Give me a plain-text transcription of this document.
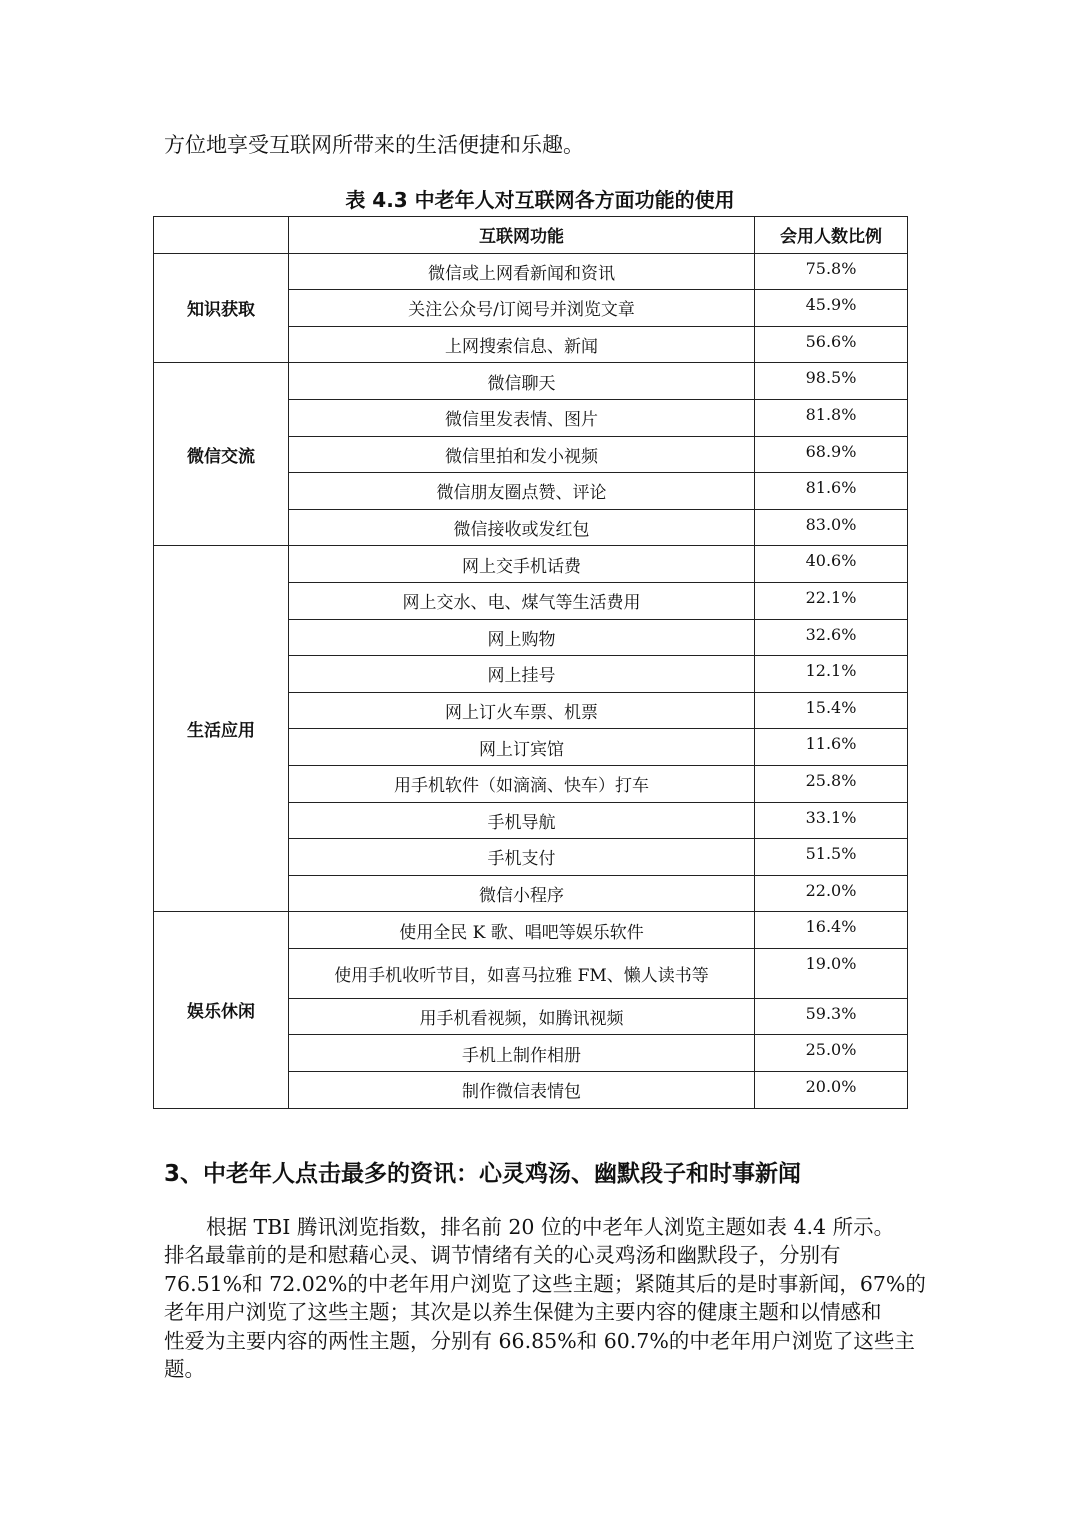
方位地享受互联网所带来的生活便捷和乐趣。
表 4.3 中老年人对互联网各方面功能的使用
	互联网功能	会用人数比例
知识获取	微信或上网看新闻和资讯	75.8%
	关注公众号/订阅号并浏览文章	45.9%
	上网搜索信息、新闻	56.6%
微信交流	微信聊天	98.5%
	微信里发表情、图片	81.8%
	微信里拍和发小视频	68.9%
	微信朋友圈点赞、评论	81.6%
	微信接收或发红包	83.0%
生活应用	网上交手机话费	40.6%
	网上交水、电、煤气等生活费用	22.1%
	网上购物	32.6%
	网上挂号	12.1%
	网上订火车票、机票	15.4%
	网上订宾馆	11.6%
	用手机软件（如滴滴、快车）打车	25.8%
	手机导航	33.1%
	手机支付	51.5%
	微信小程序	22.0%
娱乐休闲	使用全民 K 歌、唱吧等娱乐软件	16.4%
	使用手机收听节目，如喜马拉雅 FM、懒人读书等	19.0%
	用手机看视频，如腾讯视频	59.3%
	手机上制作相册	25.0%
	制作微信表情包	20.0%
3、中老年人点击最多的资讯：心灵鸡汤、幽默段子和时事新闻
根据 TBI 腾讯浏览指数，排名前 20 位的中老年人浏览主题如表 4.4 所示。
排名最靠前的是和慰藉心灵、调节情绪有关的心灵鸡汤和幽默段子，分别有
76.51%和 72.02%的中老年用户浏览了这些主题；紧随其后的是时事新闻，67%的
老年用户浏览了这些主题；其次是以养生保健为主要内容的健康主题和以情感和
性爱为主要内容的两性主题，分别有 66.85%和 60.7%的中老年用户浏览了这些主
题。
